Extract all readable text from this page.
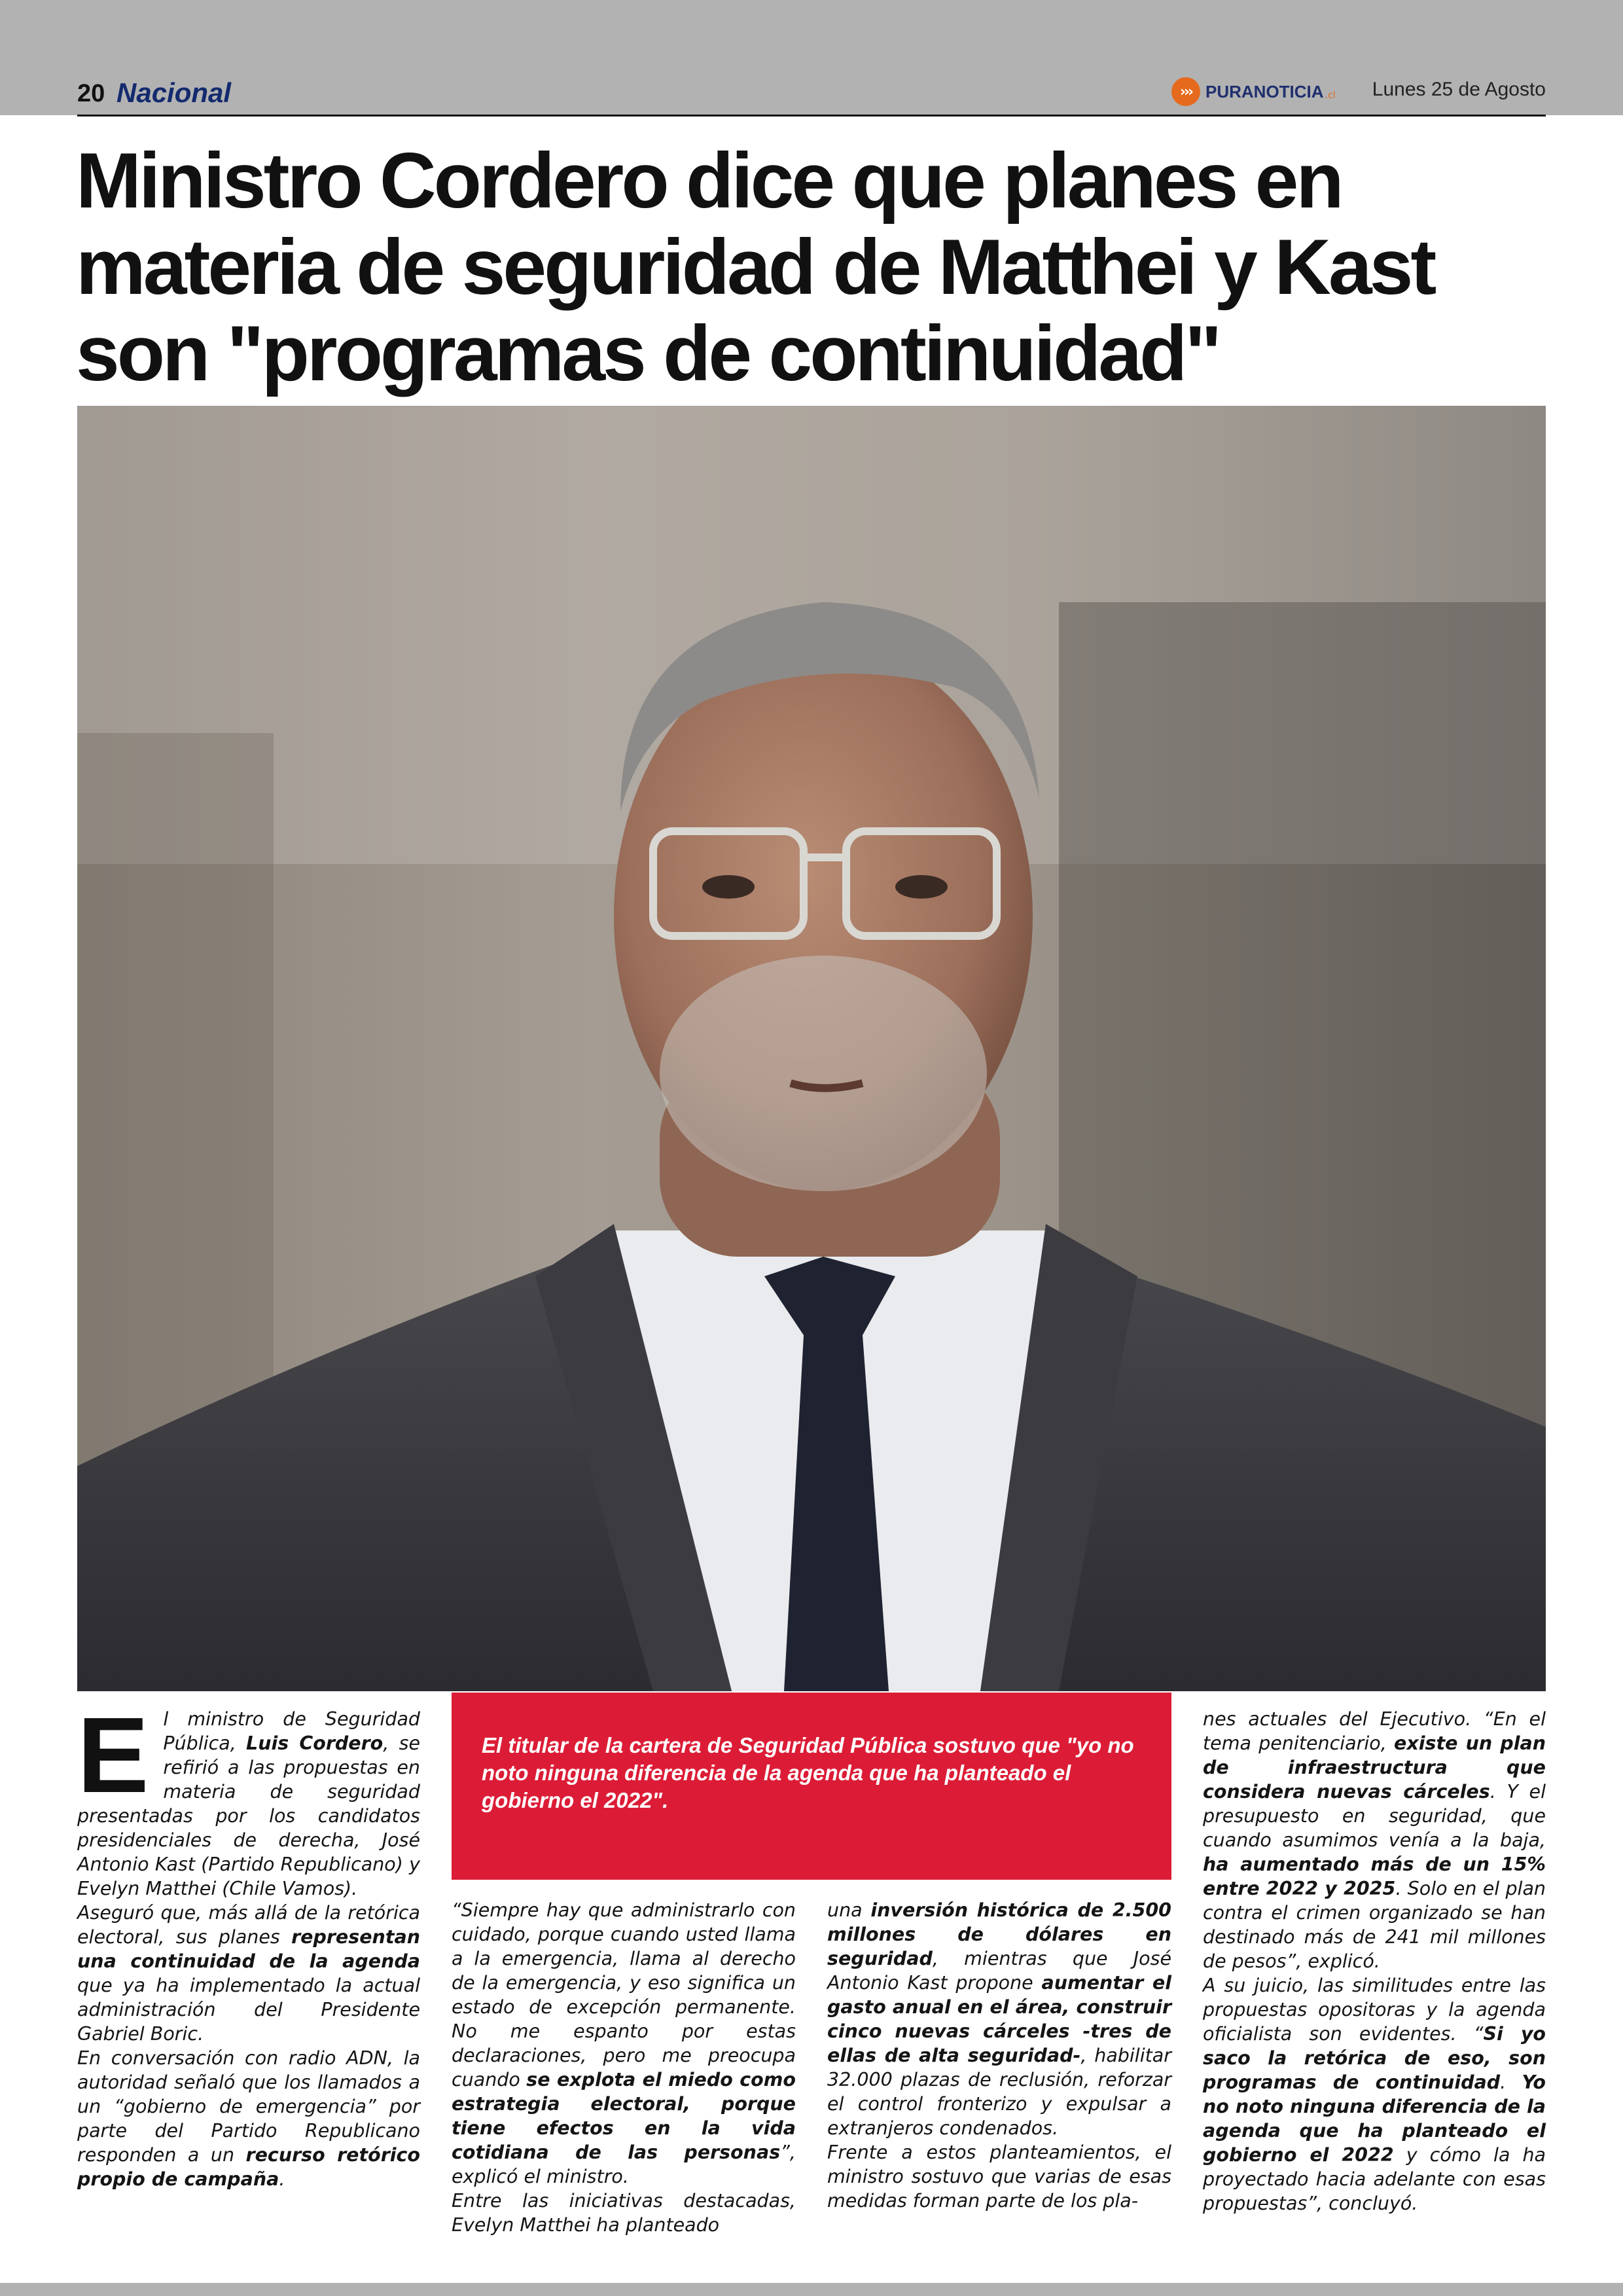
20 Nacional	››› PURANOTICIA .cl Lunes 25 de Agosto
Ministro Cordero dice que planes en materia de seguridad de Matthei y Kast son "programas de continuidad"
E l ministro de Seguridad Pública, Luis Cordero, se refirió a las propuestas en materia de seguridad presentadas por los candidatos presidenciales de derecha, José Antonio Kast (Partido Republicano) y Evelyn Matthei (Chile Vamos).

Aseguró que, más allá de la retórica electoral, sus planes representan una continuidad de la agenda que ya ha implementado la actual administración del Presidente Gabriel Boric.

En conversación con radio ADN, la autoridad señaló que los llamados a un “gobierno de emergencia” por parte del Partido Republicano responden a un recurso retórico propio de campaña.

El titular de la cartera de Seguridad Pública sostuvo que "yo no noto ninguna diferencia de la agenda que ha planteado el gobierno el 2022".

“Siempre hay que administrarlo con cuidado, porque cuando usted llama a la emergencia, llama al derecho de la emergencia, y eso significa un estado de excepción permanente. No me espanto por estas declaraciones, pero me preocupa cuando se explota el miedo como estrategia electoral, porque tiene efectos en la vida cotidiana de las personas”, explicó el ministro.

Entre las iniciativas destacadas, Evelyn Matthei ha planteado

una inversión histórica de 2.500 millones de dólares en seguridad, mientras que José Antonio Kast propone aumentar el gasto anual en el área, construir cinco nuevas cárceles -tres de ellas de alta seguridad-, habilitar 32.000 plazas de reclusión, reforzar el control fronterizo y expulsar a extranjeros condenados.

Frente a estos planteamientos, el ministro sostuvo que varias de esas medidas forman parte de los pla-

nes actuales del Ejecutivo. “En el tema penitenciario, existe un plan de infraestructura que considera nuevas cárceles. Y el presupuesto en seguridad, que cuando asumimos venía a la baja, ha aumentado más de un 15% entre 2022 y 2025. Solo en el plan contra el crimen organizado se han destinado más de 241 mil millones de pesos”, explicó.

A su juicio, las similitudes entre las propuestas opositoras y la agenda oficialista son evidentes. “Si yo saco la retórica de eso, son programas de continuidad. Yo no noto ninguna diferencia de la agenda que ha planteado el gobierno el 2022 y cómo la ha proyectado hacia adelante con esas propuestas”, concluyó.
